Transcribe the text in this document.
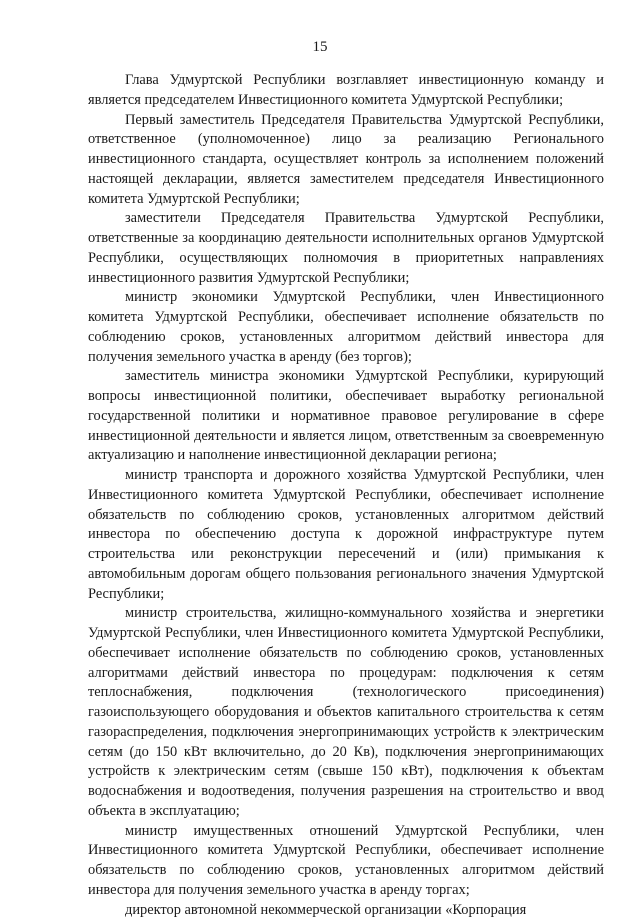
15

Глава Удмуртской Республики возглавляет инвестиционную команду и является председателем Инвестиционного комитета Удмуртской Республики;

Первый заместитель Председателя Правительства Удмуртской Республики, ответственное (уполномоченное) лицо за реализацию Регионального инвестиционного стандарта, осуществляет контроль за исполнением положений настоящей декларации, является заместителем председателя Инвестиционного комитета Удмуртской Республики;

заместители Председателя Правительства Удмуртской Республики, ответственные за координацию деятельности исполнительных органов Удмуртской Республики, осуществляющих полномочия в приоритетных направлениях инвестиционного развития Удмуртской Республики;

министр экономики Удмуртской Республики, член Инвестиционного комитета Удмуртской Республики, обеспечивает исполнение обязательств по соблюдению сроков, установленных алгоритмом действий инвестора для получения земельного участка в аренду (без торгов);

заместитель министра экономики Удмуртской Республики, курирующий вопросы инвестиционной политики, обеспечивает выработку региональной государственной политики и нормативное правовое регулирование в сфере инвестиционной деятельности и является лицом, ответственным за своевременную актуализацию и наполнение инвестиционной декларации региона;

министр транспорта и дорожного хозяйства Удмуртской Республики, член Инвестиционного комитета Удмуртской Республики, обеспечивает исполнение обязательств по соблюдению сроков, установленных алгоритмом действий инвестора по обеспечению доступа к дорожной инфраструктуре путем строительства или реконструкции пересечений и (или) примыкания к автомобильным дорогам общего пользования регионального значения Удмуртской Республики;

министр строительства, жилищно-коммунального хозяйства и энергетики Удмуртской Республики, член Инвестиционного комитета Удмуртской Республики, обеспечивает исполнение обязательств по соблюдению сроков, установленных алгоритмами действий инвестора по процедурам: подключения к сетям теплоснабжения, подключения (технологического присоединения) газоиспользующего оборудования и объектов капитального строительства к сетям газораспределения, подключения энергопринимающих устройств к электрическим сетям (до 150 кВт включительно, до 20 Кв), подключения энергопринимающих устройств к электрическим сетям (свыше 150 кВт), подключения к объектам водоснабжения и водоотведения, получения разрешения на строительство и ввод объекта в эксплуатацию;

министр имущественных отношений Удмуртской Республики, член Инвестиционного комитета Удмуртской Республики, обеспечивает исполнение обязательств по соблюдению сроков, установленных алгоритмом действий инвестора для получения земельного участка в аренду торгах;

директор автономной некоммерческой организации «Корпорация
